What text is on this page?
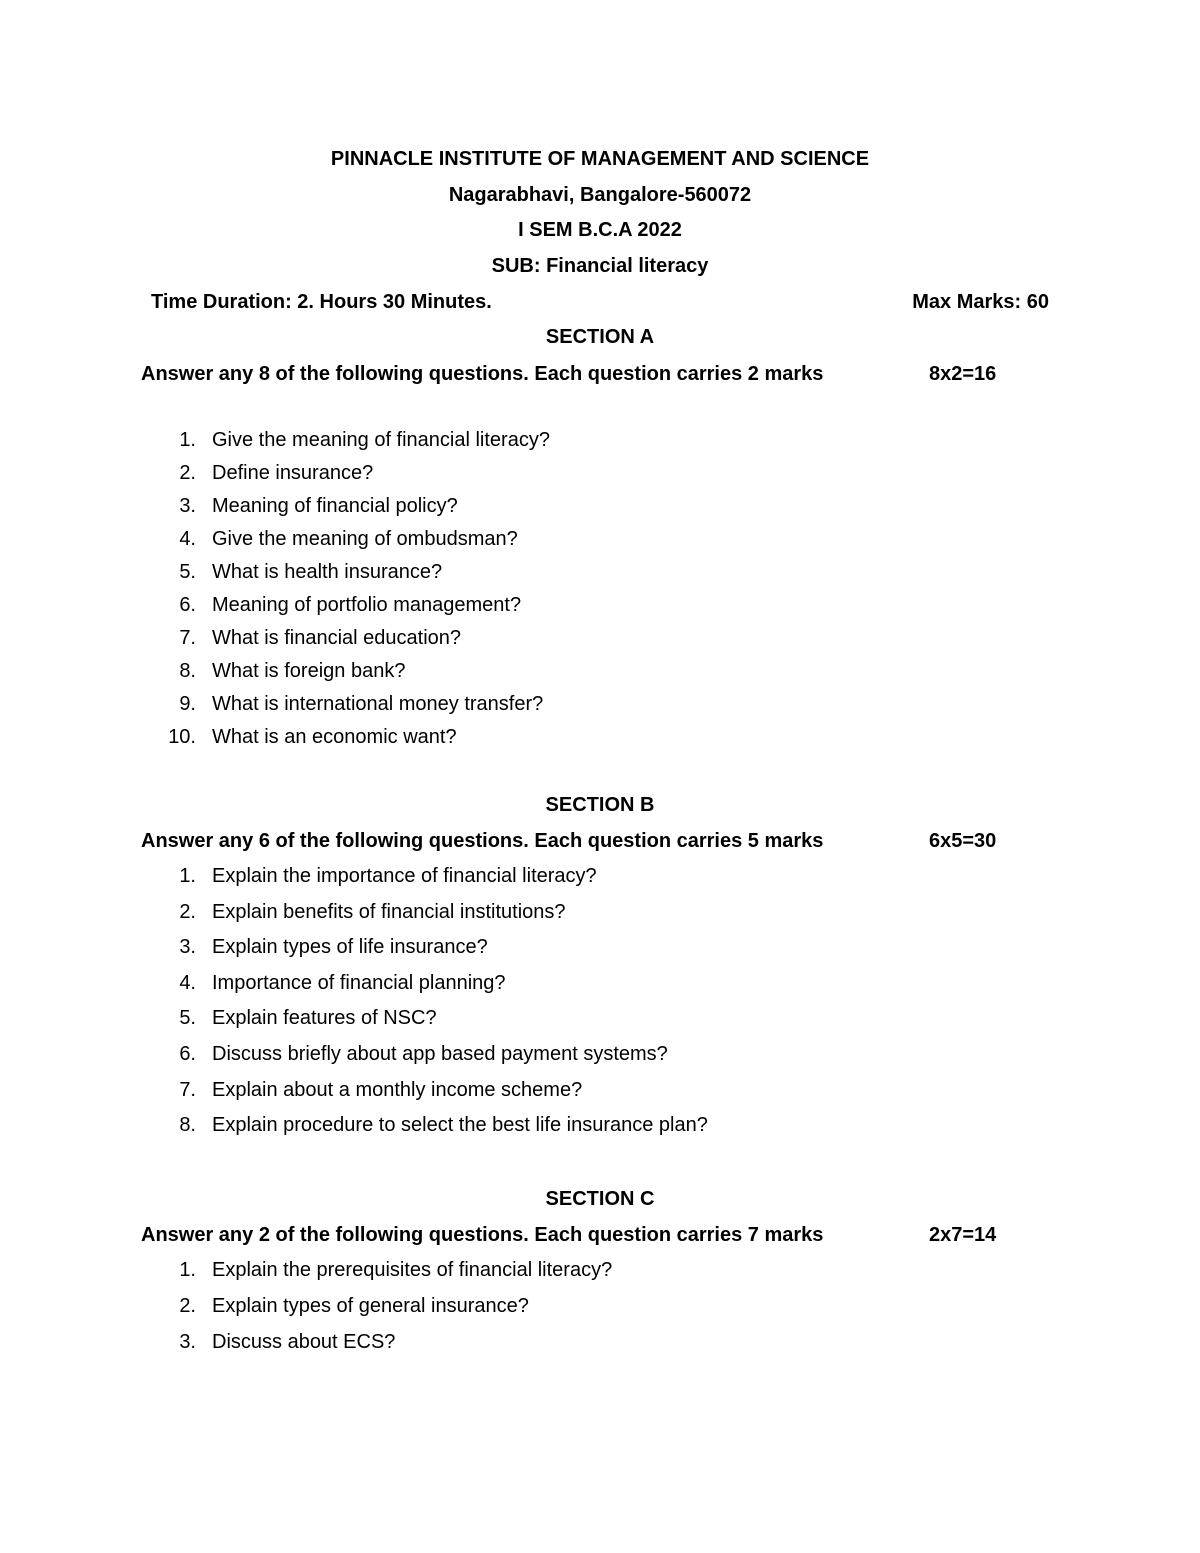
PINNACLE INSTITUTE OF MANAGEMENT AND SCIENCE
Nagarabhavi, Bangalore-560072
I SEM B.C.A 2022
SUB: Financial literacy
Time Duration: 2. Hours 30 Minutes.	Max Marks: 60
SECTION A
Answer any 8 of the following questions. Each question carries 2 marks	8x2=16
1. Give the meaning of financial literacy?
2. Define insurance?
3. Meaning of financial policy?
4. Give the meaning of ombudsman?
5. What is health insurance?
6. Meaning of portfolio management?
7. What is financial education?
8. What is foreign bank?
9. What is international money transfer?
10. What is an economic want?
SECTION B
Answer any 6 of the following questions. Each question carries 5 marks	6x5=30
1. Explain the importance of financial literacy?
2. Explain benefits of financial institutions?
3. Explain types of life insurance?
4. Importance of financial planning?
5. Explain features of NSC?
6. Discuss briefly about app based payment systems?
7. Explain about a monthly income scheme?
8. Explain procedure to select the best life insurance plan?
SECTION C
Answer any 2 of the following questions. Each question carries 7 marks	2x7=14
1. Explain the prerequisites of financial literacy?
2. Explain types of general insurance?
3. Discuss about ECS?
